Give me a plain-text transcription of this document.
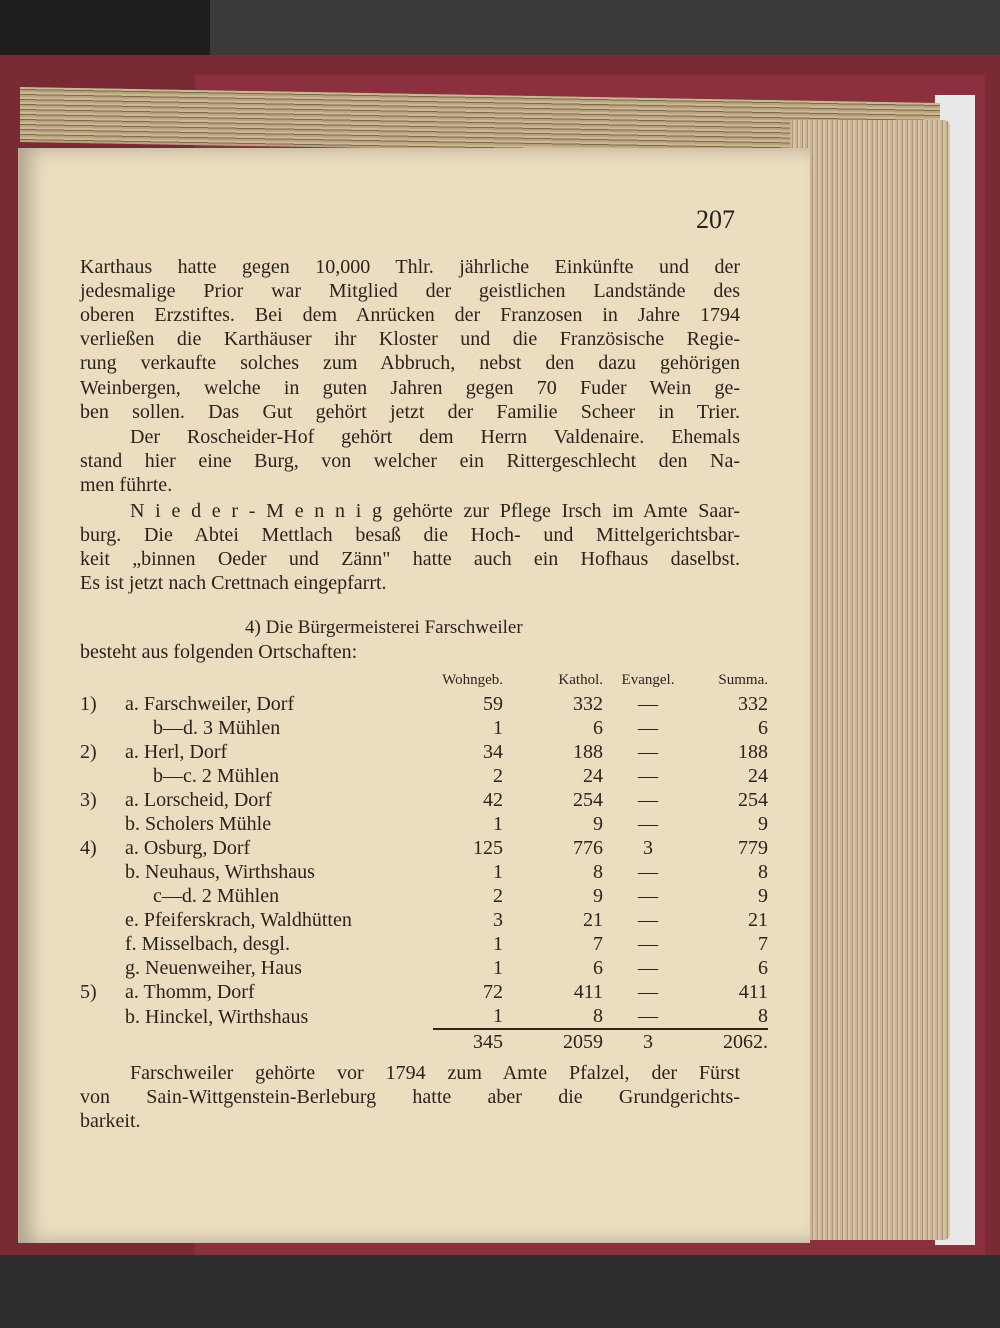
207
Karthaus hatte gegen 10,000 Thlr. jährliche Einkünfte und der
jedesmalige Prior war Mitglied der geistlichen Landstände des
oberen Erzstiftes. Bei dem Anrücken der Franzosen in Jahre 1794
verließen die Karthäuser ihr Kloster und die Französische Regie-
rung verkaufte solches zum Abbruch, nebst den dazu gehörigen
Weinbergen, welche in guten Jahren gegen 70 Fuder Wein ge-
ben sollen. Das Gut gehört jetzt der Familie Scheer in Trier.
Der Roscheider-Hof gehört dem Herrn Valdenaire. Ehemals
stand hier eine Burg, von welcher ein Rittergeschlecht den Na-
men führte.
N i e d e r - M e n n i g gehörte zur Pflege Irsch im Amte Saar-
burg. Die Abtei Mettlach besaß die Hoch- und Mittelgerichtsbar-
keit „binnen Oeder und Zänn" hatte auch ein Hofhaus daselbst.
Es ist jetzt nach Crettnach eingepfarrt.
Farschweiler gehörte vor 1794 zum Amte Pfalzel, der Fürst
von Sain-Wittgenstein-Berleburg hatte aber die Grundgerichts-
barkeit.
besteht aus folgenden Ortschaften:
4) Die Bürgermeisterei Farschweiler
		Wohngeb.	Kathol.	Evangel.	Summa.
1)	a. Farschweiler, Dorf	59	332	—	332
	b—d. 3 Mühlen	1	6	—	6
2)	a. Herl, Dorf	34	188	—	188
	b—c. 2 Mühlen	2	24	—	24
3)	a. Lorscheid, Dorf	42	254	—	254
	b. Scholers Mühle	1	9	—	9
4)	a. Osburg, Dorf	125	776	3	779
	b. Neuhaus, Wirthshaus	1	8	—	8
	c—d. 2 Mühlen	2	9	—	9
	e. Pfeiferskrach, Waldhütten	3	21	—	21
	f. Misselbach, desgl.	1	7	—	7
	g. Neuenweiher, Haus	1	6	—	6
5)	a. Thomm, Dorf	72	411	—	411
	b. Hinckel, Wirthshaus	1	8	—	8
		345	2059	3	2062.
